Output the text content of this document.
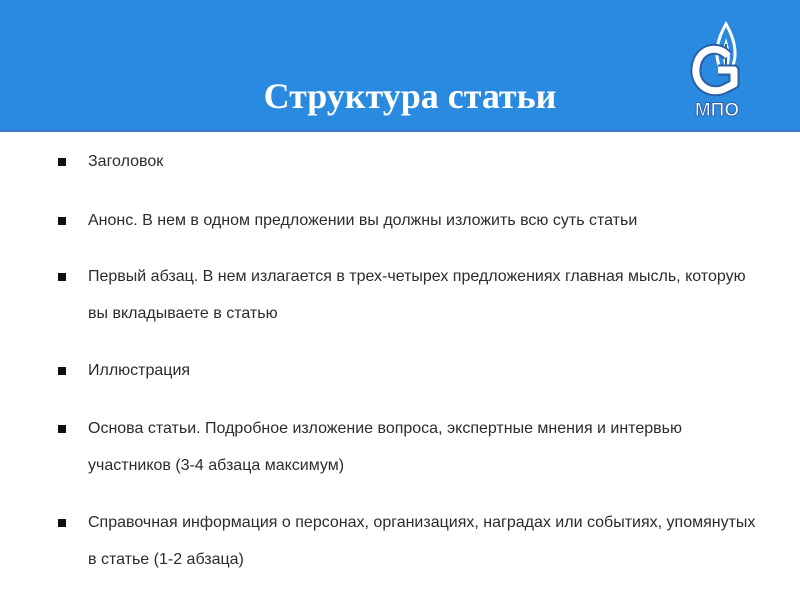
Структура статьи	МПО
Заголовок
Анонс. В нем в одном предложении вы должны изложить всю суть статьи
Первый абзац. В нем излагается в трех-четырех предложениях главная мысль, которую вы вкладываете в статью
Иллюстрация
Основа статьи. Подробное изложение вопроса, экспертные мнения и интервью участников (3-4 абзаца максимум)
Справочная информация о персонах, организациях, наградах или событиях, упомянутых в статье (1-2 абзаца)
